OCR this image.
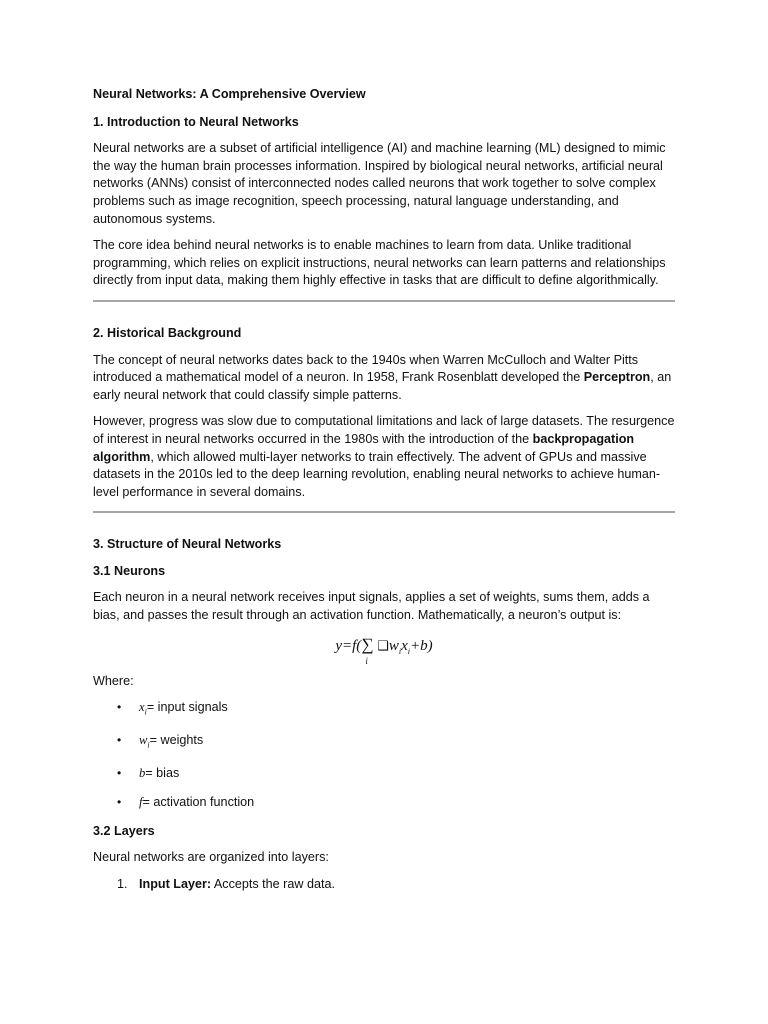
Neural Networks: A Comprehensive Overview

1. Introduction to Neural Networks

Neural networks are a subset of artificial intelligence (AI) and machine learning (ML) designed to mimic the way the human brain processes information. Inspired by biological neural networks, artificial neural networks (ANNs) consist of interconnected nodes called neurons that work together to solve complex problems such as image recognition, speech processing, natural language understanding, and autonomous systems.

The core idea behind neural networks is to enable machines to learn from data. Unlike traditional programming, which relies on explicit instructions, neural networks can learn patterns and relationships directly from input data, making them highly effective in tasks that are difficult to define algorithmically.

2. Historical Background

The concept of neural networks dates back to the 1940s when Warren McCulloch and Walter Pitts introduced a mathematical model of a neuron. In 1958, Frank Rosenblatt developed the Perceptron, an early neural network that could classify simple patterns.

However, progress was slow due to computational limitations and lack of large datasets. The resurgence of interest in neural networks occurred in the 1980s with the introduction of the backpropagation algorithm, which allowed multi-layer networks to train effectively. The advent of GPUs and massive datasets in the 2010s led to the deep learning revolution, enabling neural networks to achieve human-level performance in several domains.

3. Structure of Neural Networks

3.1 Neurons

Each neuron in a neural network receives input signals, applies a set of weights, sums them, adds a bias, and passes the result through an activation function. Mathematically, a neuron’s output is:

y=f(∑
i
$❑w_ix_i+b$)

Where:

• $x_i=$ input signals
• $w_i=$ weights
• b= bias
• f= activation function

3.2 Layers

Neural networks are organized into layers:

1. Input Layer: Accepts the raw data.
